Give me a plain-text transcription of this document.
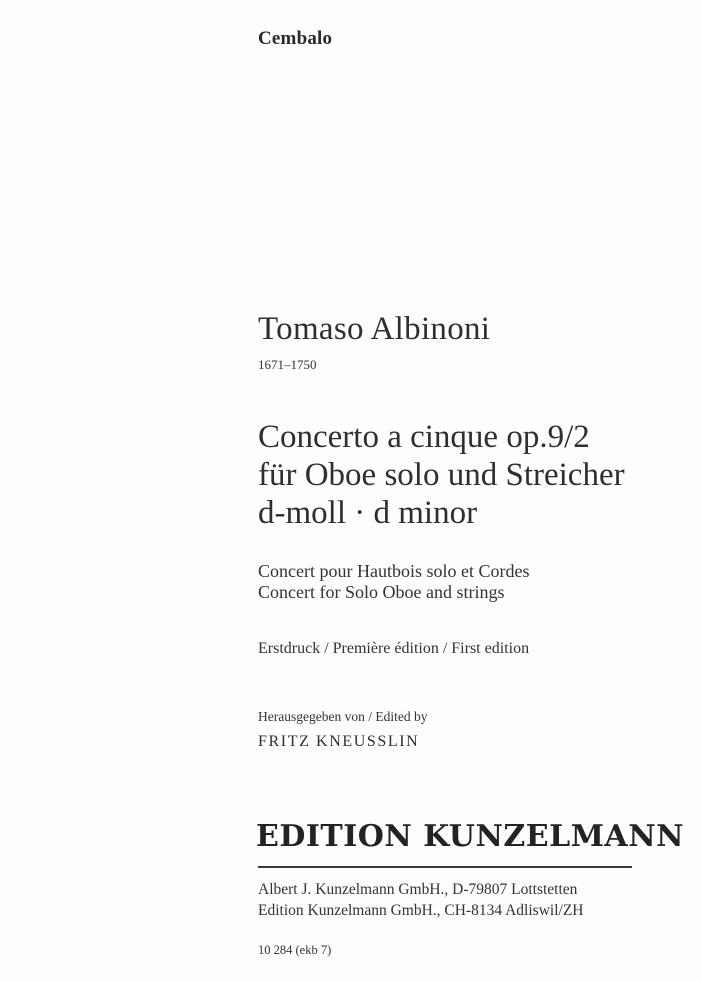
Cembalo
Tomaso Albinoni
1671–1750
Concerto a cinque op.9/2
für Oboe solo und Streicher
d-moll · d minor
Concert pour Hautbois solo et Cordes
Concert for Solo Oboe and strings
Erstdruck / Première édition / First edition
Herausgegeben von / Edited by
FRITZ KNEUSSLIN
EDITION KUNZELMANN
Albert J. Kunzelmann GmbH., D-79807 Lottstetten
Edition Kunzelmann GmbH., CH-8134 Adliswil/ZH
10 284 (ekb 7)
